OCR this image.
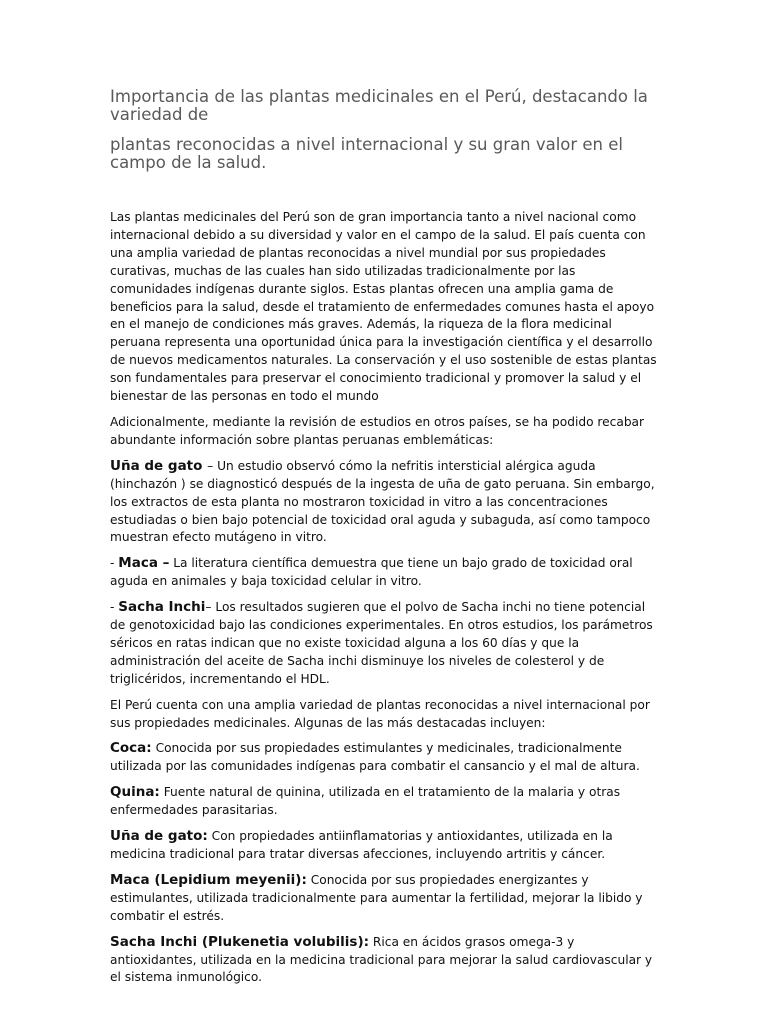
Importancia de las plantas medicinales en el Perú, destacando la variedad de

plantas reconocidas a nivel internacional y su gran valor en el campo de la salud.

Las plantas medicinales del Perú son de gran importancia tanto a nivel nacional como internacional debido a su diversidad y valor en el campo de la salud. El país cuenta con una amplia variedad de plantas reconocidas a nivel mundial por sus propiedades curativas, muchas de las cuales han sido utilizadas tradicionalmente por las comunidades indígenas durante siglos. Estas plantas ofrecen una amplia gama de beneficios para la salud, desde el tratamiento de enfermedades comunes hasta el apoyo en el manejo de condiciones más graves. Además, la riqueza de la flora medicinal peruana representa una oportunidad única para la investigación científica y el desarrollo de nuevos medicamentos naturales. La conservación y el uso sostenible de estas plantas son fundamentales para preservar el conocimiento tradicional y promover la salud y el bienestar de las personas en todo el mundo

Adicionalmente, mediante la revisión de estudios en otros países, se ha podido recabar abundante información sobre plantas peruanas emblemáticas:

Uña de gato – Un estudio observó cómo la nefritis intersticial alérgica aguda (hinchazón ) se diagnosticó después de la ingesta de uña de gato peruana. Sin embargo, los extractos de esta planta no mostraron toxicidad in vitro a las concentraciones estudiadas o bien bajo potencial de toxicidad oral aguda y subaguda, así como tampoco muestran efecto mutágeno in vitro.

- Maca – La literatura científica demuestra que tiene un bajo grado de toxicidad oral aguda en animales y baja toxicidad celular in vitro.

- Sacha Inchi– Los resultados sugieren que el polvo de Sacha inchi no tiene potencial de genotoxicidad bajo las condiciones experimentales. En otros estudios, los parámetros séricos en ratas indican que no existe toxicidad alguna a los 60 días y que la administración del aceite de Sacha inchi disminuye los niveles de colesterol y de triglicéridos, incrementando el HDL.

El Perú cuenta con una amplia variedad de plantas reconocidas a nivel internacional por sus propiedades medicinales. Algunas de las más destacadas incluyen:

Coca: Conocida por sus propiedades estimulantes y medicinales, tradicionalmente utilizada por las comunidades indígenas para combatir el cansancio y el mal de altura.

Quina: Fuente natural de quinina, utilizada en el tratamiento de la malaria y otras enfermedades parasitarias.

Uña de gato: Con propiedades antiinflamatorias y antioxidantes, utilizada en la medicina tradicional para tratar diversas afecciones, incluyendo artritis y cáncer.

Maca (Lepidium meyenii): Conocida por sus propiedades energizantes y estimulantes, utilizada tradicionalmente para aumentar la fertilidad, mejorar la libido y combatir el estrés.

Sacha Inchi (Plukenetia volubilis): Rica en ácidos grasos omega-3 y antioxidantes, utilizada en la medicina tradicional para mejorar la salud cardiovascular y el sistema inmunológico.
